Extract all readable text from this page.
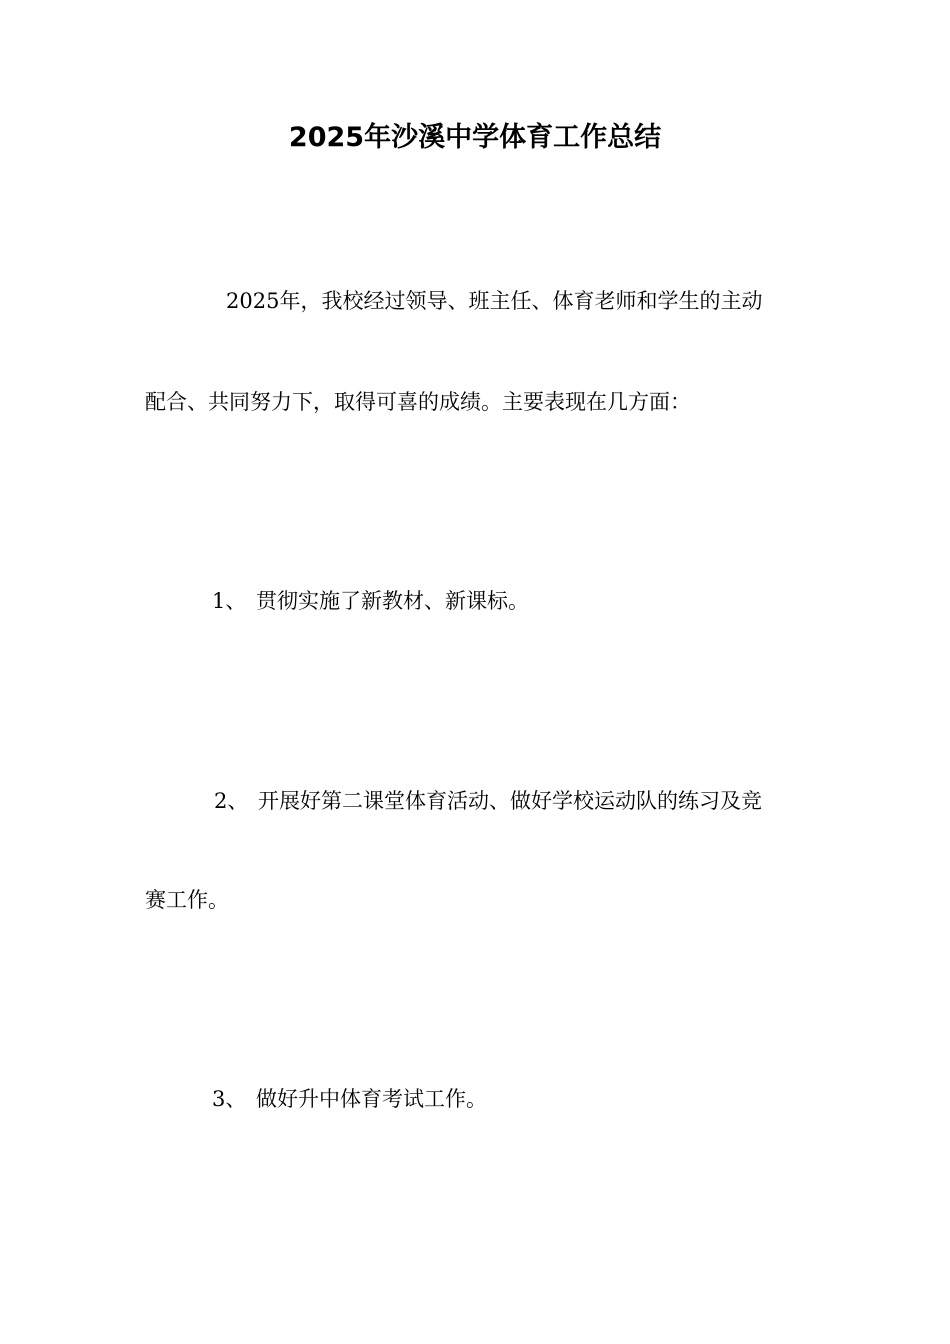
2025年沙溪中学体育工作总结

2025年，我校经过领导、班主任、体育老师和学生的主动

配合、共同努力下，取得可喜的成绩。主要表现在几方面：

1、 贯彻实施了新教材、新课标。
2、 开展好第二课堂体育活动、做好学校运动队的练习及竞

赛工作。

3、 做好升中体育考试工作。
